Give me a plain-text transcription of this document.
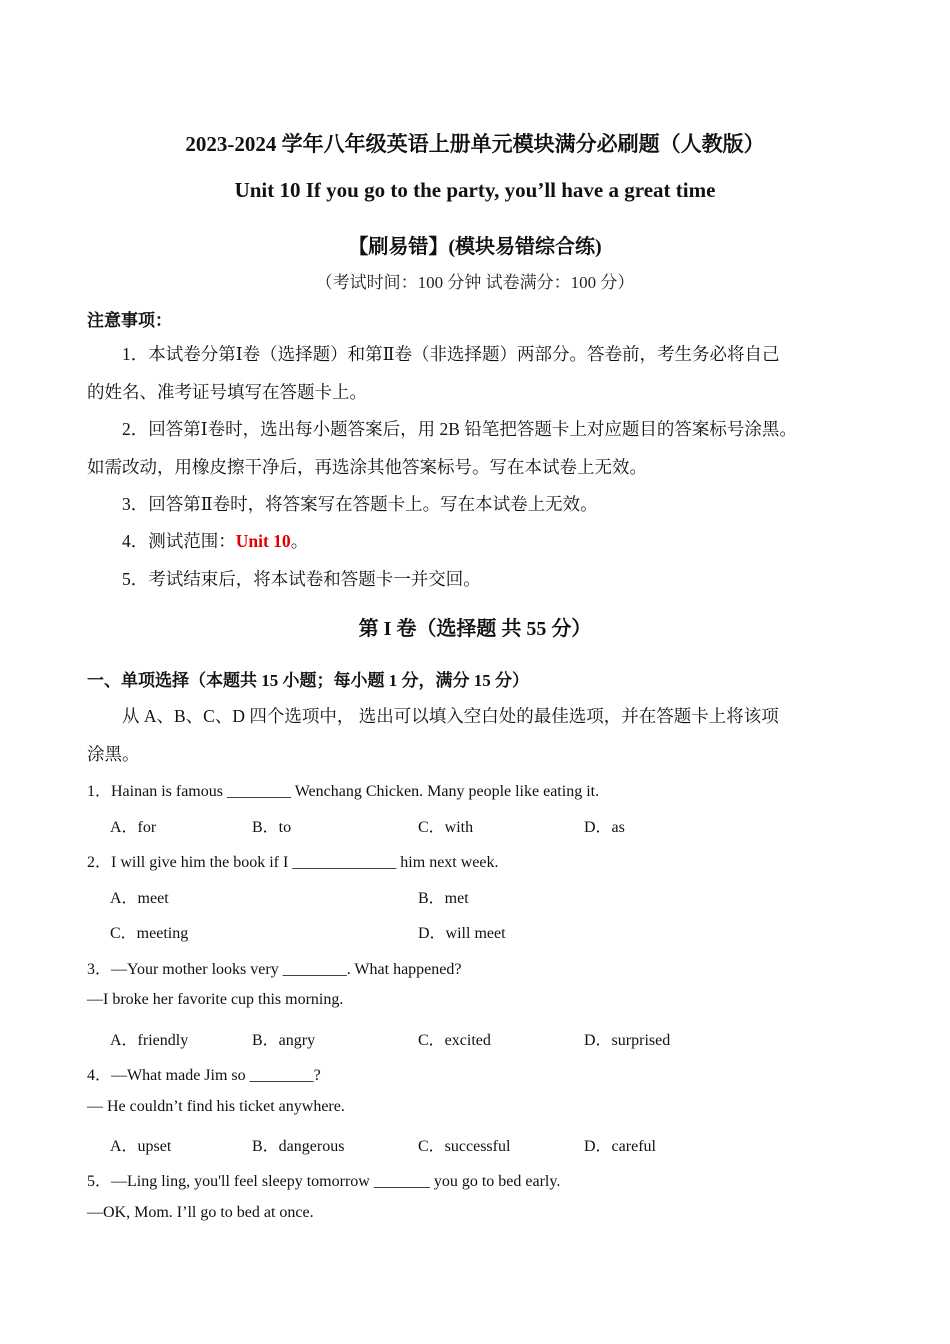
2023-2024 学年八年级英语上册单元模块满分必刷题（人教版）
Unit 10 If you go to the party, you’ll have a great time
【刷易错】(模块易错综合练)
（考试时间：100 分钟 试卷满分：100 分）
注意事项：
1．本试卷分第Ⅰ卷（选择题）和第Ⅱ卷（非选择题）两部分。答卷前，考生务必将自己
的姓名、准考证号填写在答题卡上。
2．回答第Ⅰ卷时，选出每小题答案后，用 2B 铅笔把答题卡上对应题目的答案标号涂黑。
如需改动，用橡皮擦干净后，再选涂其他答案标号。写在本试卷上无效。
3．回答第Ⅱ卷时，将答案写在答题卡上。写在本试卷上无效。
4．测试范围：Unit 10。
5．考试结束后，将本试卷和答题卡一并交回。
第 I 卷（选择题 共 55 分）
一、单项选择（本题共 15 小题；每小题 1 分，满分 15 分）
从 A、B、C、D 四个选项中， 选出可以填入空白处的最佳选项，并在答题卡上将该项
涂黑。
1．Hainan is famous ________ Wenchang Chicken. Many people like eating it.
A．for	B．to	C．with	D．as
2．I will give him the book if I _____________ him next week.
A．meet	B．met
C．meeting	D．will meet
3．—Your mother looks very ________. What happened?
—I broke her favorite cup this morning.
A．friendly	B．angry	C．excited	D．surprised
4．—What made Jim so ________?
— He couldn’t find his ticket anywhere.
A．upset	B．dangerous	C．successful	D．careful
5．—Ling ling, you'll feel sleepy tomorrow _______ you go to bed early.
—OK, Mom. I’ll go to bed at once.
